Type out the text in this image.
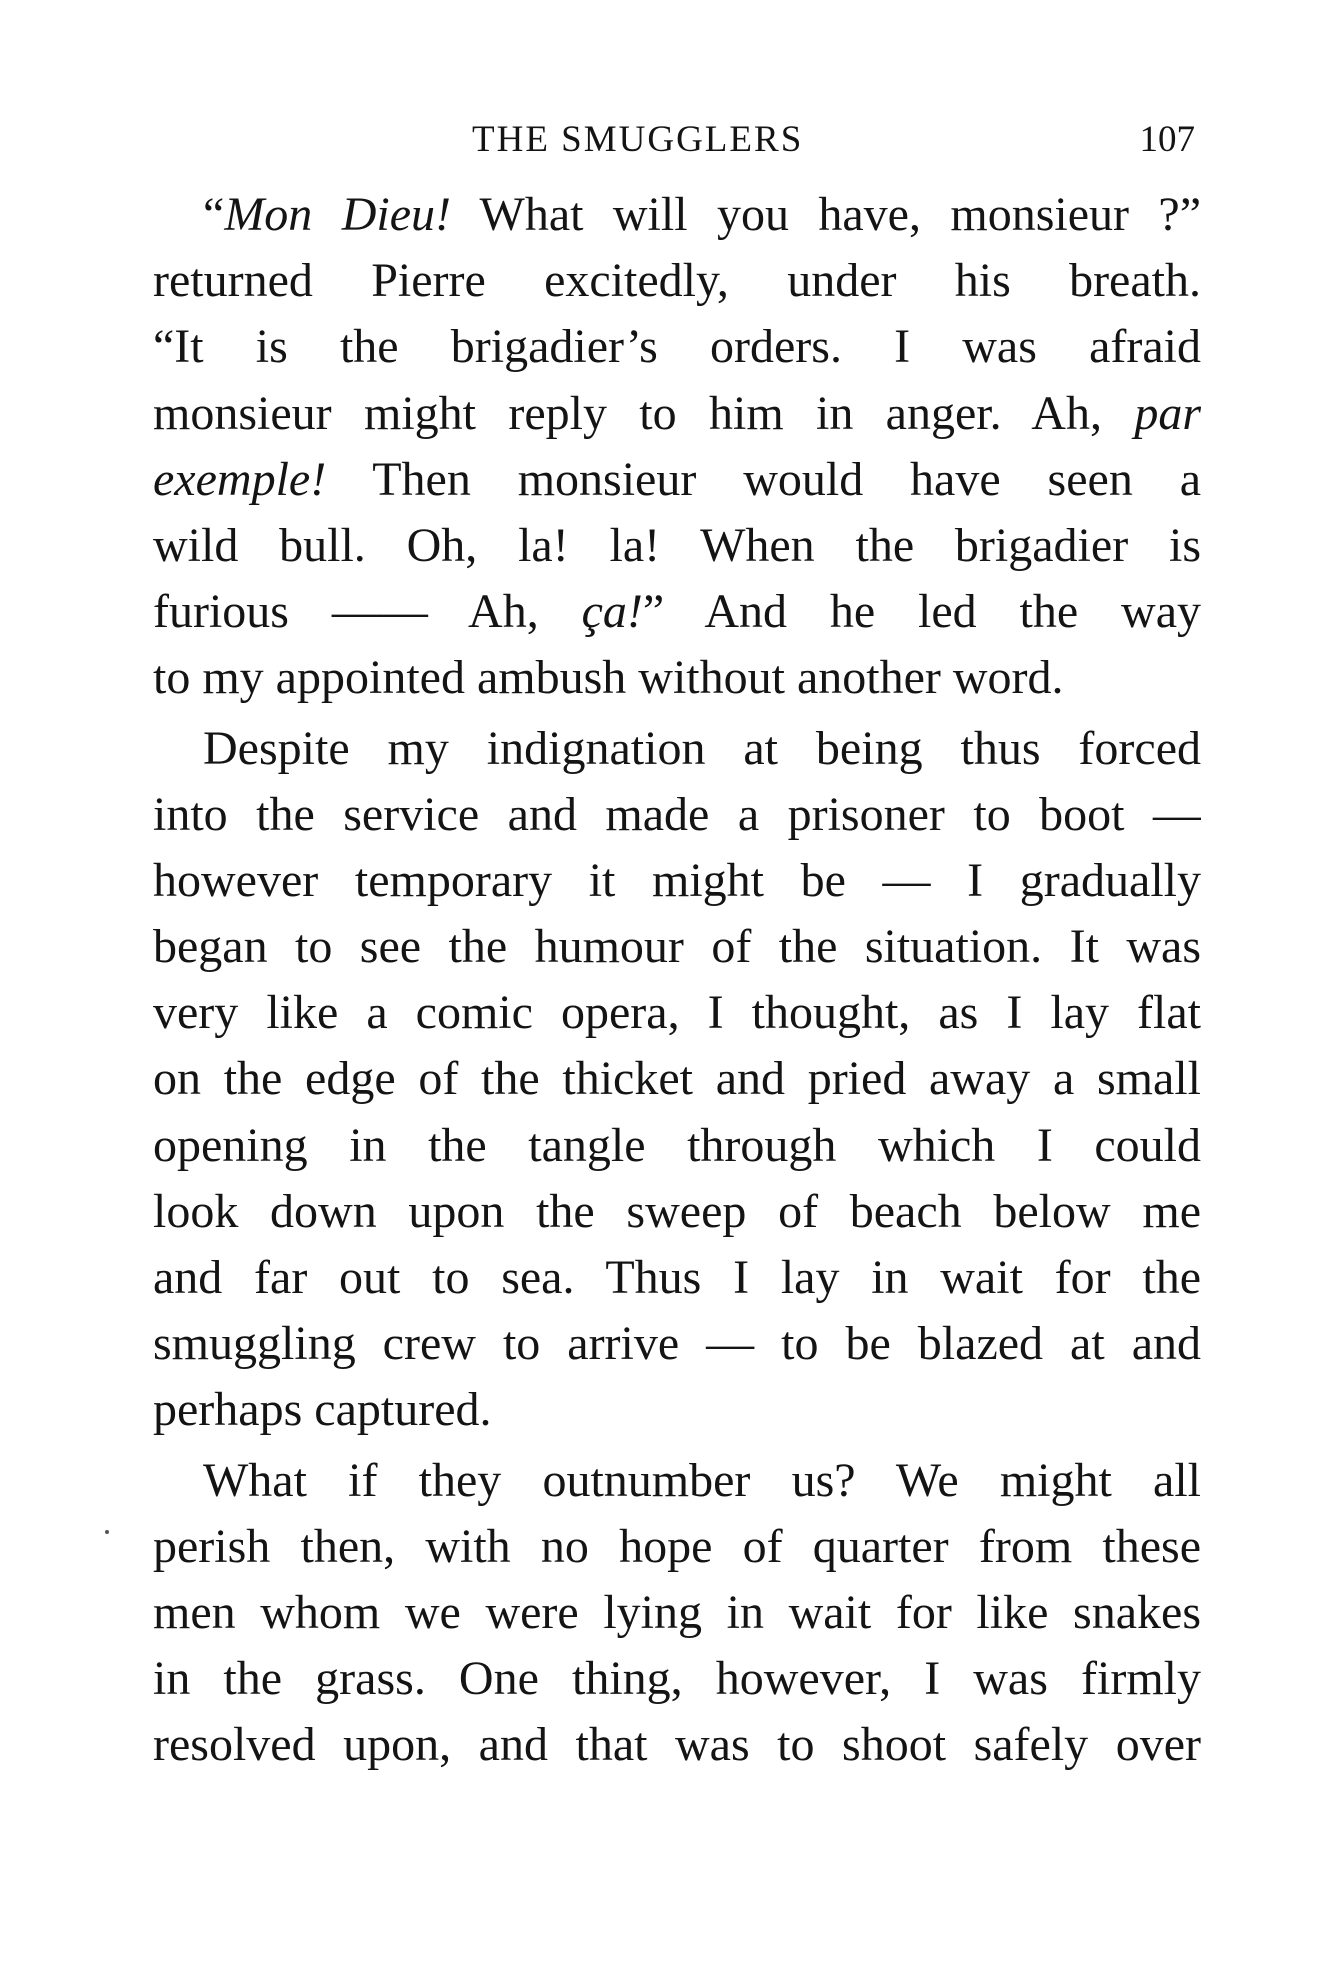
THE SMUGGLERS	107
“Mon Dieu! What will you have, monsieur ?”
returned Pierre excitedly, under his breath.
“It is the brigadier’s orders. I was afraid
monsieur might reply to him in anger. Ah, par
exemple! Then monsieur would have seen a
wild bull. Oh, la! la! When the brigadier is
furious —— Ah, ça!” And he led the way
to my appointed ambush without another word.
Despite my indignation at being thus forced
into the service and made a prisoner to boot —
however temporary it might be — I gradually
began to see the humour of the situation. It was
very like a comic opera, I thought, as I lay flat
on the edge of the thicket and pried away a small
opening in the tangle through which I could
look down upon the sweep of beach below me
and far out to sea. Thus I lay in wait for the
smuggling crew to arrive — to be blazed at and
perhaps captured.
What if they outnumber us? We might all
perish then, with no hope of quarter from these
men whom we were lying in wait for like snakes
in the grass. One thing, however, I was firmly
resolved upon, and that was to shoot safely over
